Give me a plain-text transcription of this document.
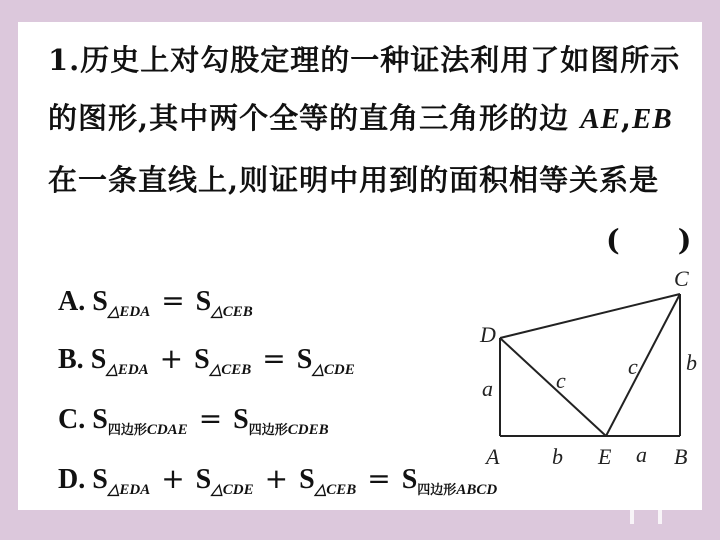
1.历史上对勾股定理的一种证法利用了如图所示
的图形,其中两个全等的直角三角形的边 AE,EB
在一条直线上,则证明中用到的面积相等关系是
(　　)
A. $S_{\triangle EDA} = S_{\triangle CEB}$
B. $S_{\triangle EDA} + S_{\triangle CEB} = S_{\triangle CDE}$
C. $S_{四边形CDAE} = S_{四边形CDEB}$
D. $S_{\triangle EDA} + S_{\triangle CDE} + S_{\triangle CEB} = S_{四边形ABCD}$
D
C
A	E	B
a
b
c
c
b	a
